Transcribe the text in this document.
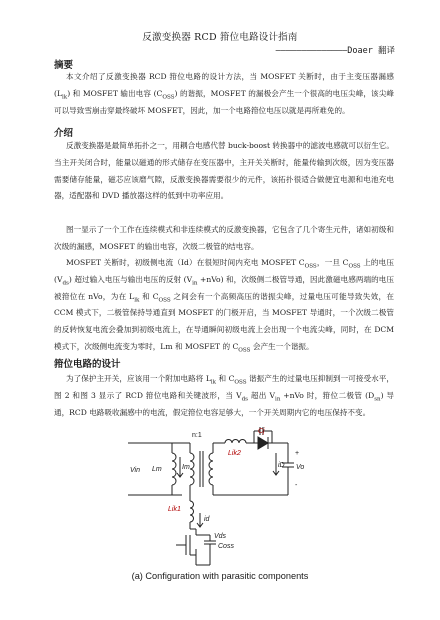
反激变换器 RCD 箝位电路设计指南
——————————————Doaer 翻译
摘要
本文介绍了反激变换器 RCD 箝位电路的设计方法，当 MOSFET 关断时，由于主变压器漏感 $(L_{lk})$ 和 MOSFET 输出电容 $(C_{OSS})$ 的谐振，MOSFET 的漏极会产生一个很高的电压尖峰，该尖峰可以导致雪崩击穿最终破坏 MOSFET，因此，加一个电路箝位电压以就是再所难免的。
介绍
反激变换器是最简单拓扑之一，用耦合电感代替 buck-boost 转换器中的滤波电感就可以衍生它。当主开关闭合时，能量以磁通的形式储存在变压器中，主开关关断时，能量传输到次级，因为变压器需要储存能量，磁芯应该磨气隙，反激变换器需要很少的元件，该拓扑很适合做便宜电源和电池充电器，适配器和 DVD 播放器这样的低到中功率应用。
图一显示了一个工作在连续模式和非连续模式的反激变换器，它包含了几个寄生元件，诸如初级和次级的漏感，MOSFET 的输出电容，次级二极管的结电容。
MOSFET 关断时，初级侧电流（Id）在很短时间内充电 MOSFET $C_{OSS}$，一旦 $C_{OSS}$ 上的电压 $(V_{ds})$ 超过输入电压与输出电压的反射 $(V_{in} +nVo)$ 和，次级侧二极管导通，因此激磁电感两端的电压被箝位在 nVo，为在 $L_{lk}$ 和 $C_{OSS}$ 之间会有一个高频高压的谐振尖峰，过量电压可能导致失效，在 CCM 模式下，二极管保持导通直到 MOSFET 的门极开启，当 MOSFET 导通时，一个次级二极管的反转恢复电流会叠加到初级电流上，在导通瞬间初级电流上会出现一个电流尖峰，同时，在 DCM 模式下，次级侧电流变为零时，Lm 和 MOSFET 的 $C_{OSS}$ 会产生一个谐振。
箝位电路的设计
为了保护主开关，应该用一个附加电路将 $L_{lk}$ 和 $C_{OSS}$ 谐振产生的过量电压抑制到一可接受水平，图 2 和图 3 显示了 RCD 箝位电路和关键波形，当 $V_{ds}$ 超出 $V_{in} +nVo$ 时，箝位二极管 $(D_{sn})$ 导通，RCD 电路吸收漏感中的电流，假定箝位电容足够大，一个开关周期内它的电压保持不变。
Vin Lm	Im
Lik2
Cj
iD Vo
+
-
n:1
Lik1
id
Vds
Coss
(a) Configuration with parasitic components
